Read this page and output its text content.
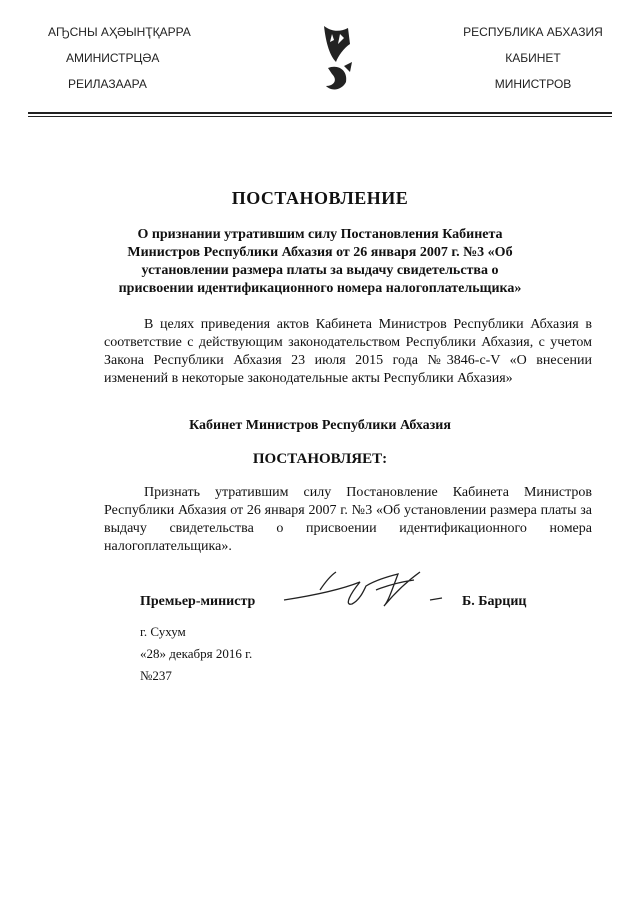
АҦСНЫ АҲӘЫНҬҚАРРА
АМИНИСТРЦӘА
РЕИЛАЗААРА
РЕСПУБЛИКА АБХАЗИЯ
КАБИНЕТ
МИНИСТРОВ
ПОСТАНОВЛЕНИЕ
О признании утратившим силу Постановления Кабинета Министров Республики Абхазия от 26 января 2007 г. №3 «Об установлении размера платы за выдачу свидетельства о присвоении идентификационного номера налогоплательщика»
В целях приведения актов Кабинета Министров Республики Абхазия в соответствие с действующим законодательством Республики Абхазия, с учетом Закона Республики Абхазия 23 июля 2015 года №3846-с-V «О внесении изменений в некоторые законодательные акты Республики Абхазия»
Кабинет Министров Республики Абхазия
ПОСТАНОВЛЯЕТ:
Признать утратившим силу Постановление Кабинета Министров Республики Абхазия от 26 января 2007 г. №3 «Об установлении размера платы за выдачу свидетельства о присвоении идентификационного номера налогоплательщика».
Премьер-министр	Б. Барциц
г. Сухум
«28» декабря 2016 г.
№237
